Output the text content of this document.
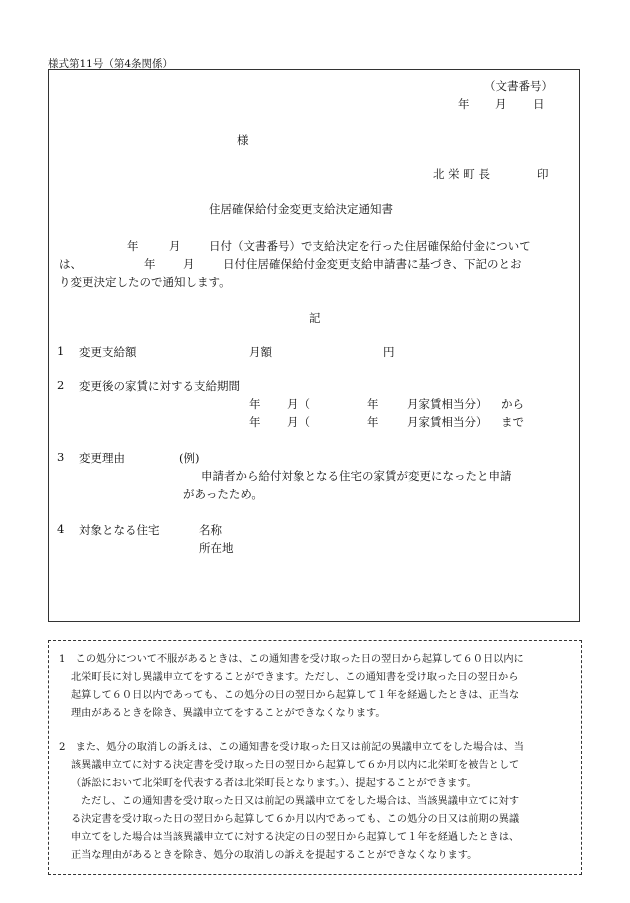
様式第11号（第4条関係）
（文書番号）
年 月 日
様
北 栄 町 長	印
住居確保給付金変更支給決定通知書
年	月 日付（文書番号）で支給決定を行った住居確保給付金について
は、	年 月 日付住居確保給付金変更支給申請書に基づき、下記のとお
り変更決定したので通知します。
記
1 変更支給額	月額	円
2 変更後の家賃に対する支給期間
年 月（	年 月家賃相当分） から
年 月（	年 月家賃相当分） まで
3 変更理由	(例)
申請者から給付対象となる住宅の家賃が変更になったと申請
があったため。
4 対象となる住宅	名称
所在地
1　この処分について不服があるときは、この通知書を受け取った日の翌日から起算して６０日以内に
北栄町長に対し異議申立てをすることができます。ただし、この通知書を受け取った日の翌日から
起算して６０日以内であっても、この処分の日の翌日から起算して１年を経過したときは、正当な
理由があるときを除き、異議申立てをすることができなくなります。
2　また、処分の取消しの訴えは、この通知書を受け取った日又は前記の異議申立てをした場合は、当
該異議申立てに対する決定書を受け取った日の翌日から起算して６か月以内に北栄町を被告として
（訴訟において北栄町を代表する者は北栄町長となります。）、提起することができます。
ただし、この通知書を受け取った日又は前記の異議申立てをした場合は、当該異議申立てに対す
る決定書を受け取った日の翌日から起算して６か月以内であっても、この処分の日又は前期の異議
申立てをした場合は当該異議申立てに対する決定の日の翌日から起算して１年を経過したときは、
正当な理由があるときを除き、処分の取消しの訴えを提起することができなくなります。
